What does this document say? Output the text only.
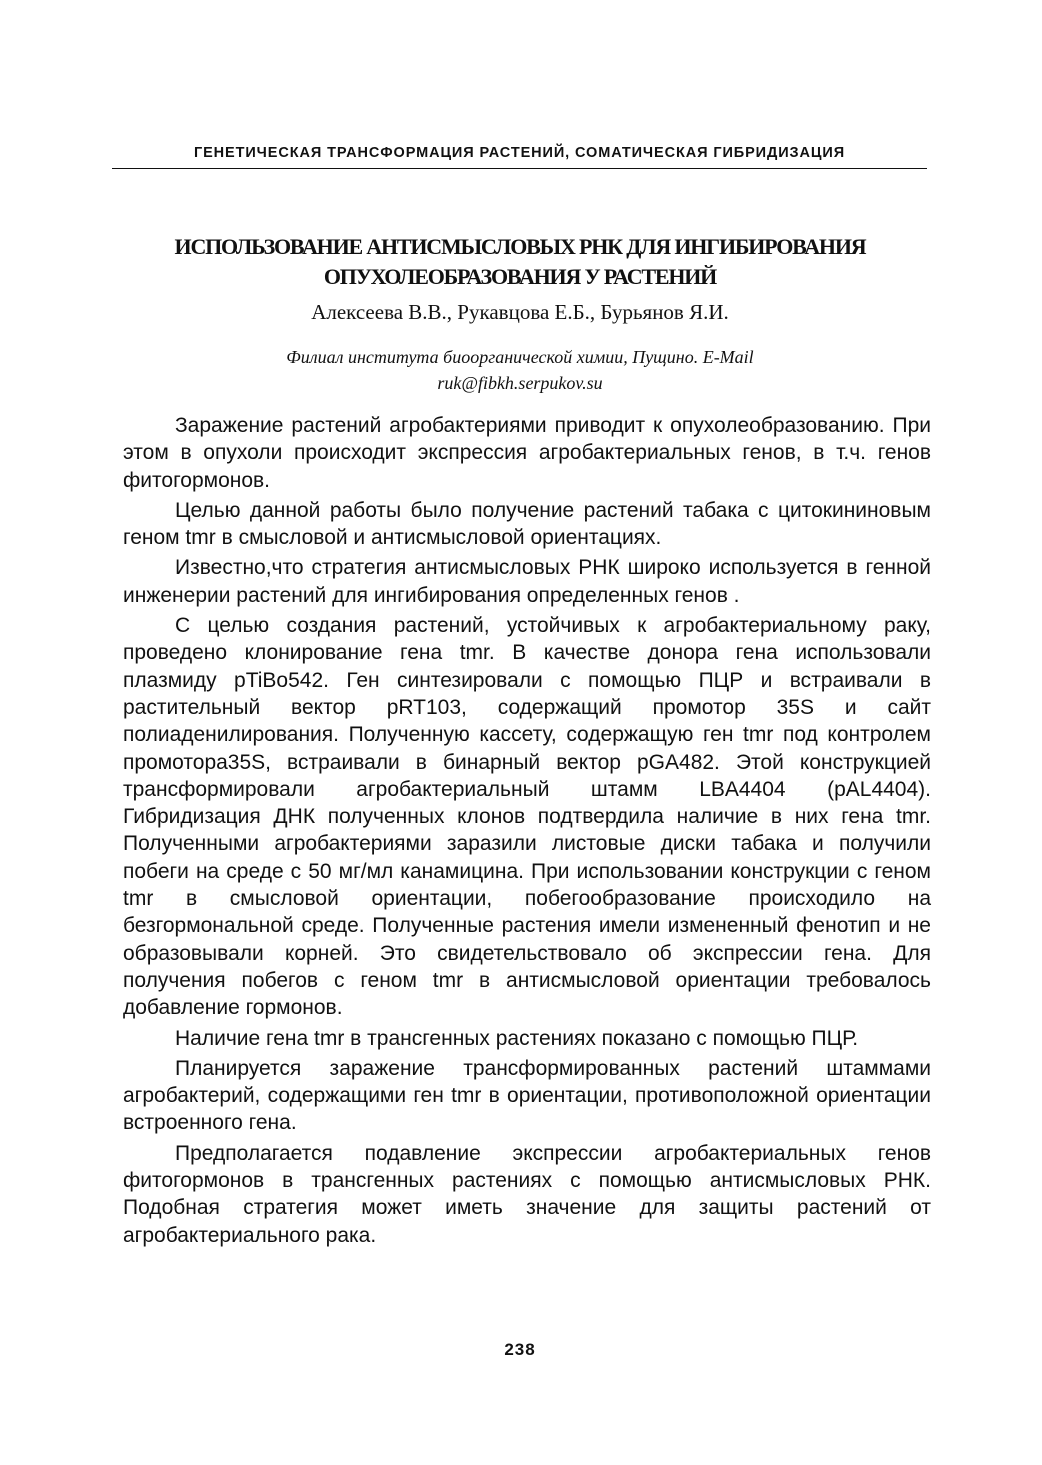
ГЕНЕТИЧЕСКАЯ ТРАНСФОРМАЦИЯ РАСТЕНИЙ, СОМАТИЧЕСКАЯ ГИБРИДИЗАЦИЯ
ИСПОЛЬЗОВАНИЕ АНТИСМЫСЛОВЫХ РНК ДЛЯ ИНГИБИРОВАНИЯ
ОПУХОЛЕОБРАЗОВАНИЯ У РАСТЕНИЙ
Алексеева В.В., Рукавцова Е.Б., Бурьянов Я.И.
Филиал института биоорганической химии, Пущино. E-Mail
ruk@fibkh.serpukov.su

Заражение растений агробактериями приводит к опухолеобразованию. При этом в опухоли происходит экспрессия агробактериальных генов, в т.ч. генов фитогормонов.

Целью данной работы было получение растений табака с цитокининовым геном tmr в смысловой и антисмысловой ориентациях.

Известно,что стратегия антисмысловых РНК широко используется в генной инженерии растений для ингибирования определенных генов .

С целью создания растений, устойчивых к агробактериальному раку, проведено клонирование гена tmr. В качестве донора гена использовали плазмиду pTiBo542. Ген синтезировали с помощью ПЦР и встраивали в растительный вектор pRT103, содержащий промотор 35S и сайт полиаденилирования. Полученную кассету, содержащую ген tmr под контролем промотора35S, встраивали в бинарный вектор pGA482. Этой конструкцией трансформировали агробактериальный штамм LBA4404 (pAL4404). Гибридизация ДНК полученных клонов подтвердила наличие в них гена tmr. Полученными агробактериями заразили листовые диски табака и получили побеги на среде с 50 мг/мл канамицина. При использовании конструкции с геном tmr в смысловой ориентации, побегообразование происходило на безгормональной среде. Полученные растения имели измененный фенотип и не образовывали корней. Это свидетельствовало об экспрессии гена. Для получения побегов с геном tmr в антисмысловой ориентации требовалось добавление гормонов.

Наличие гена tmr в трансгенных растениях показано с помощью ПЦР.

Планируется заражение трансформированных растений штаммами агробактерий, содержащими ген tmr в ориентации, противоположной ориентации встроенного гена.

Предполагается подавление экспрессии агробактериальных генов фитогормонов в трансгенных растениях с помощью антисмысловых РНК. Подобная стратегия может иметь значение для защиты растений от агробактериального рака.

238
